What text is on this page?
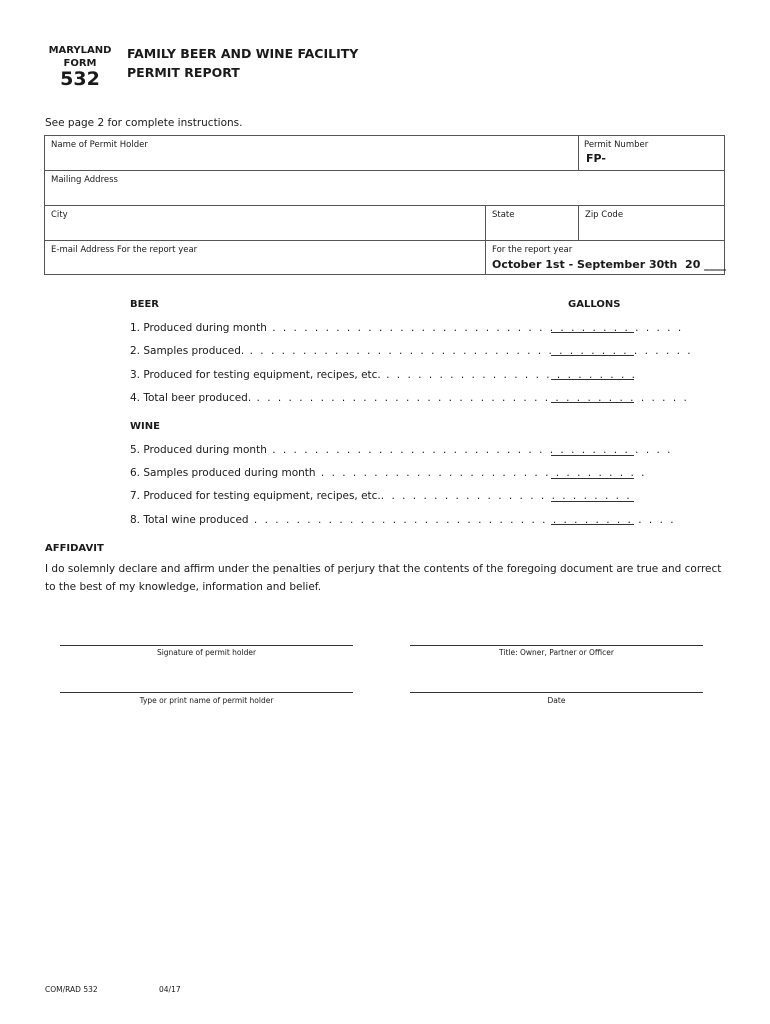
MARYLAND
FORM
532
FAMILY BEER AND WINE FACILITY
PERMIT REPORT
See page 2 for complete instructions.
Name of Permit Holder	Permit Number
FP-
Mailing Address
City	State	Zip Code
E-mail Address For the report year	For the report year
October 1st - September 30th  20 ____
BEER	GALLONS
1. Produced during month . . . . . . . . . . . . . . . . . . . . . . . . . . . . . . . . . . . . . . .
2. Samples produced. . . . . . . . . . . . . . . . . . . . . . . . . . . . . . . . . . . . . . . . . . .
3. Produced for testing equipment, recipes, etc. . . . . . . . . . . . . . . . . . . . . . . . .
4. Total beer produced. . . . . . . . . . . . . . . . . . . . . . . . . . . . . . . . . . . . . . . . . .
WINE
5. Produced during month . . . . . . . . . . . . . . . . . . . . . . . . . . . . . . . . . . . . . .
6. Samples produced during month . . . . . . . . . . . . . . . . . . . . . . . . . . . . . . .
7. Produced for testing equipment, recipes, etc.. . . . . . . . . . . . . . . . . . . . . . . .
8. Total wine produced . . . . . . . . . . . . . . . . . . . . . . . . . . . . . . . . . . . . . . . .
AFFIDAVIT
I do solemnly declare and affirm under the penalties of perjury that the contents of the foregoing document are true and correct to the best of my knowledge, information and belief.
Signature of permit holder	Title: Owner, Partner or Officer
Type or print name of permit holder	Date
COM/RAD 532	04/17
